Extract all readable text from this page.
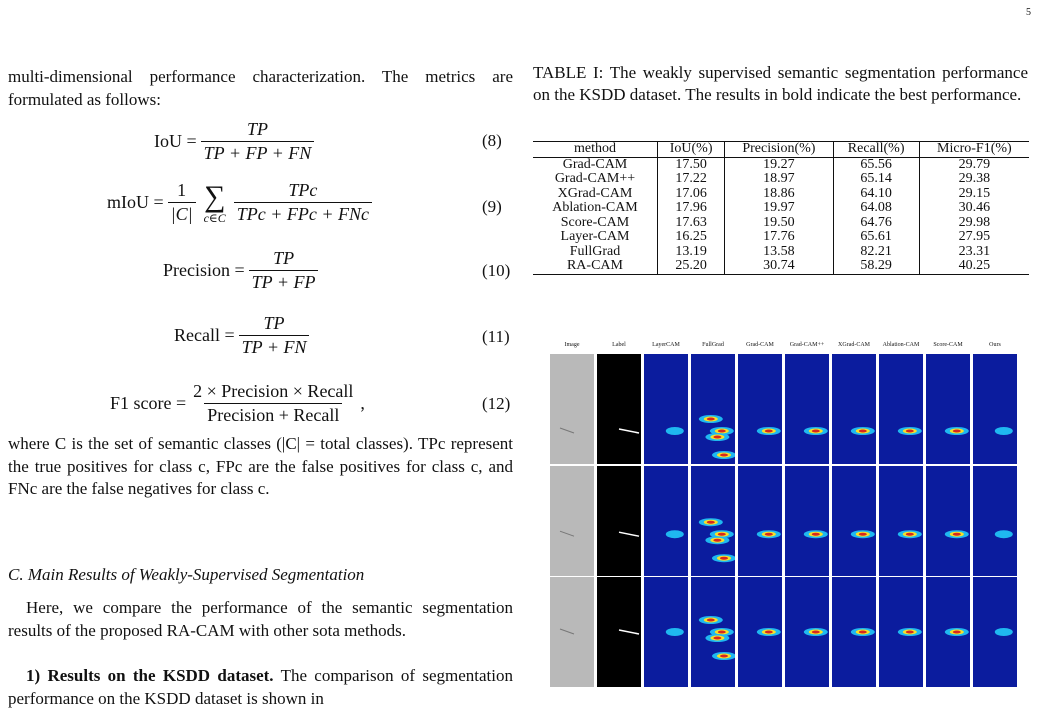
5
multi-dimensional performance characterization. The metrics are formulated as follows:
IoU = $\frac{TP}{TP + FP + FN}$	(8)
mIoU = $\frac{1}{|C|}$ ∑
c∈C $\frac{\text{TPc}}{\text{TPc + FPc + FNc}}$	(9)
Precision = $\frac{TP}{TP + FP}$	(10)
Recall = $\frac{TP}{TP + FN}$	(11)
F1 score = $\frac{\text{2 × Precision × Recall}}{\text{Precision + Recall}}$ ,	(12)
where C is the set of semantic classes (|C| = total classes). TPc represent the true positives for class c, FPc are the false positives for class c, and FNc are the false negatives for class c.
C. Main Results of Weakly-Supervised Segmentation
Here, we compare the performance of the semantic segmentation results of the proposed RA-CAM with other sota methods.
1) Results on the KSDD dataset. The comparison of segmentation performance on the KSDD dataset is shown in
TABLE I: The weakly supervised semantic segmentation performance on the KSDD dataset. The results in bold indicate the best performance.
method	IoU(%)	Precision(%)	Recall(%)	Micro-F1(%)
Grad-CAM	17.50	19.27	65.56	29.79
Grad-CAM++	17.22	18.97	65.14	29.38
XGrad-CAM	17.06	18.86	64.10	29.15
Ablation-CAM	17.96	19.97	64.08	30.46
Score-CAM	17.63	19.50	64.76	29.98
Layer-CAM	16.25	17.76	65.61	27.95
FullGrad	13.19	13.58	82.21	23.31
RA-CAM	25.20	30.74	58.29	40.25
Image	Label	LayerCAM	FullGrad	Grad-CAM	Grad-CAM++	XGrad-CAM	Ablation-CAM	Score-CAM	Ours
